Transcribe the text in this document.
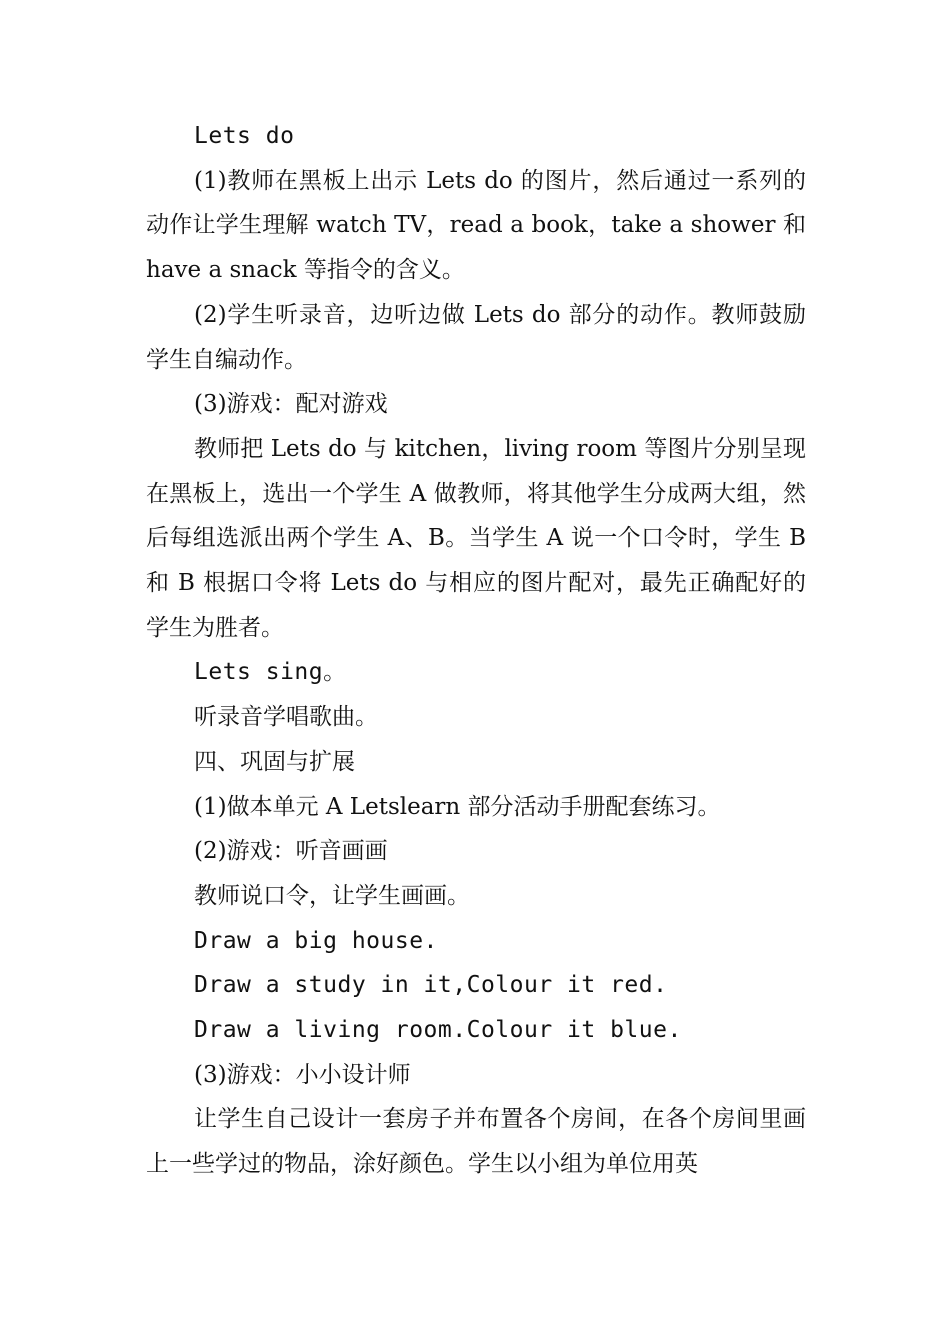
Lets do

(1)教师在黑板上出示 Lets do 的图片，然后通过一系列的动作让学生理解 watch TV，read a book，take a shower 和 have a snack 等指令的含义。

(2)学生听录音，边听边做 Lets do 部分的动作。教师鼓励学生自编动作。

(3)游戏：配对游戏

教师把 Lets do 与 kitchen，living room 等图片分别呈现在黑板上，选出一个学生 A 做教师，将其他学生分成两大组，然后每组选派出两个学生 A、B。当学生 A 说一个口令时，学生 B 和 B 根据口令将 Lets do 与相应的图片配对，最先正确配好的学生为胜者。

Lets sing。

听录音学唱歌曲。

四、巩固与扩展

(1)做本单元 A Letslearn 部分活动手册配套练习。

(2)游戏：听音画画

教师说口令，让学生画画。

Draw a big house.

Draw a study in it,Colour it red.

Draw a living room.Colour it blue.

(3)游戏：小小设计师

让学生自己设计一套房子并布置各个房间，在各个房间里画上一些学过的物品，涂好颜色。学生以小组为单位用英
